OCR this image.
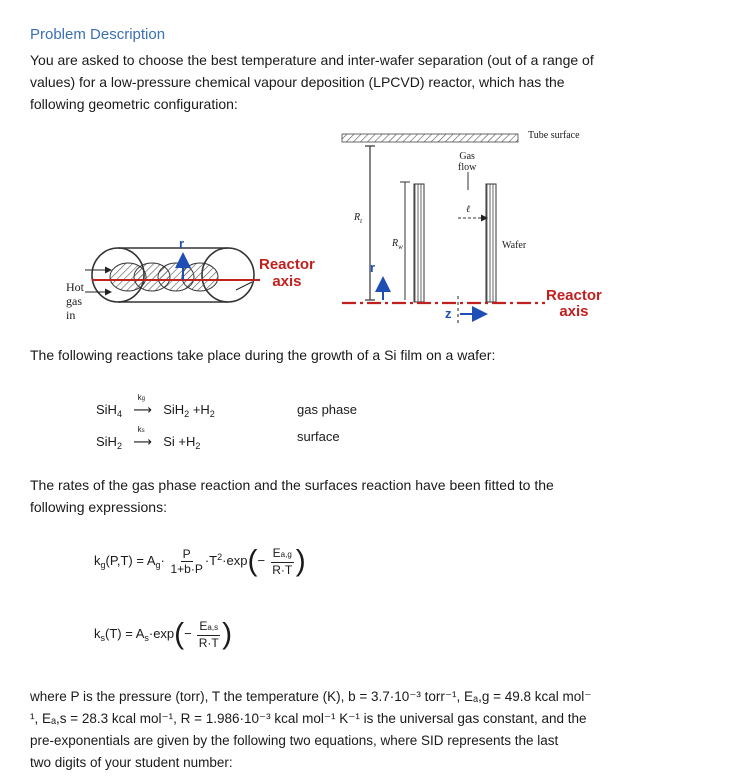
Problem Description
You are asked to choose the best temperature and inter-wafer separation (out of a range of
values) for a low-pressure chemical vapour deposition (LPCVD) reactor, which has the
following geometric configuration:
Tube surface
Gas
flow
Wafer
$R_t$
$R_w$
ℓ
Reactor
axis
Reactor
axis
Hot
gas
in
r
r
z
The following reactions take place during the growth of a Si film on a wafer:
SiH$_4$
kg
⟶ $SiH_2 +H_2$
SiH$_2$
ks
⟶ $Si +H_2$
gas phase
surface
The rates of the gas phase reaction and the surfaces reaction have been fitted to the
following expressions:
$k_g(P,T) = A_g\cdot \frac{P}{1+b\cdot P} \cdot T^2\cdot\exp(- \frac{Ea,g}{R\cdot T}$ )
$k_s(T) = A_s\cdot\exp(- \frac{Ea,s}{R\cdot T}$ )
where P is the pressure (torr), T the temperature (K), b = 3.7·10⁻³ torr⁻¹, Eₐ,g = 49.8 kcal mol⁻
¹, Eₐ,s = 28.3 kcal mol⁻¹, R = 1.986·10⁻³ kcal mol⁻¹ K⁻¹ is the universal gas constant, and the
pre-exponentials are given by the following two equations, where SID represents the last
two digits of your student number:
